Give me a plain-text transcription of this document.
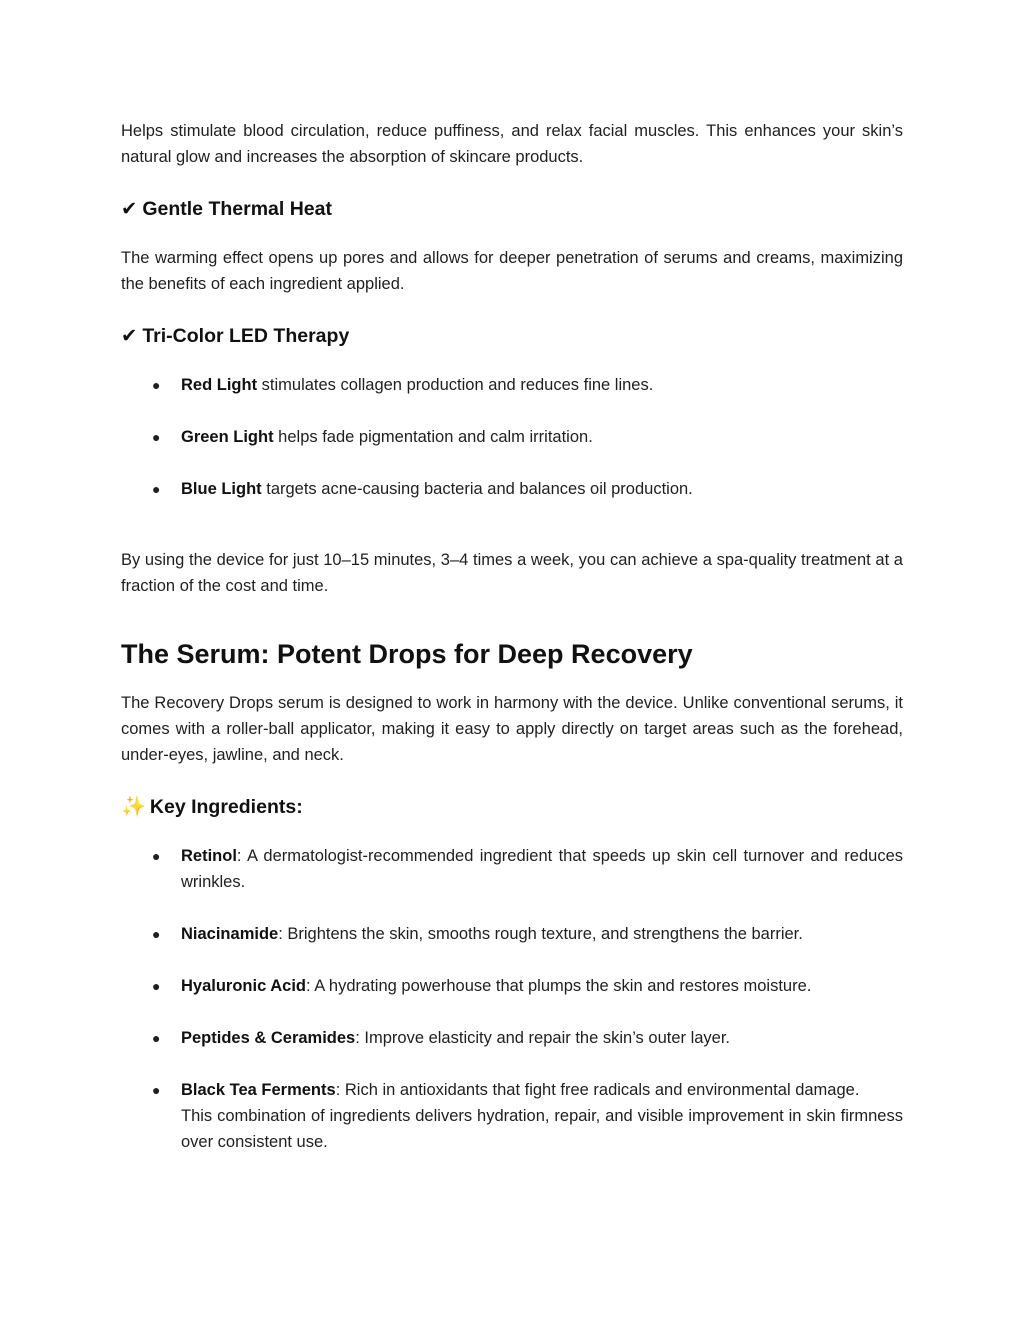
Helps stimulate blood circulation, reduce puffiness, and relax facial muscles. This enhances your skin’s natural glow and increases the absorption of skincare products.

✔ Gentle Thermal Heat

The warming effect opens up pores and allows for deeper penetration of serums and creams, maximizing the benefits of each ingredient applied.

✔ Tri-Color LED Therapy
● Red Light stimulates collagen production and reduces fine lines.
● Green Light helps fade pigmentation and calm irritation.
● Blue Light targets acne-causing bacteria and balances oil production.

By using the device for just 10–15 minutes, 3–4 times a week, you can achieve a spa-quality treatment at a fraction of the cost and time.

The Serum: Potent Drops for Deep Recovery

The Recovery Drops serum is designed to work in harmony with the device. Unlike conventional serums, it comes with a roller-ball applicator, making it easy to apply directly on target areas such as the forehead, under-eyes, jawline, and neck.

✨ Key Ingredients:
● Retinol: A dermatologist-recommended ingredient that speeds up skin cell turnover and reduces wrinkles.
● Niacinamide: Brightens the skin, smooths rough texture, and strengthens the barrier.
● Hyaluronic Acid: A hydrating powerhouse that plumps the skin and restores moisture.
● Peptides & Ceramides: Improve elasticity and repair the skin’s outer layer.
● Black Tea Ferments: Rich in antioxidants that fight free radicals and environmental damage.
This combination of ingredients delivers hydration, repair, and visible improvement in skin firmness over consistent use.
